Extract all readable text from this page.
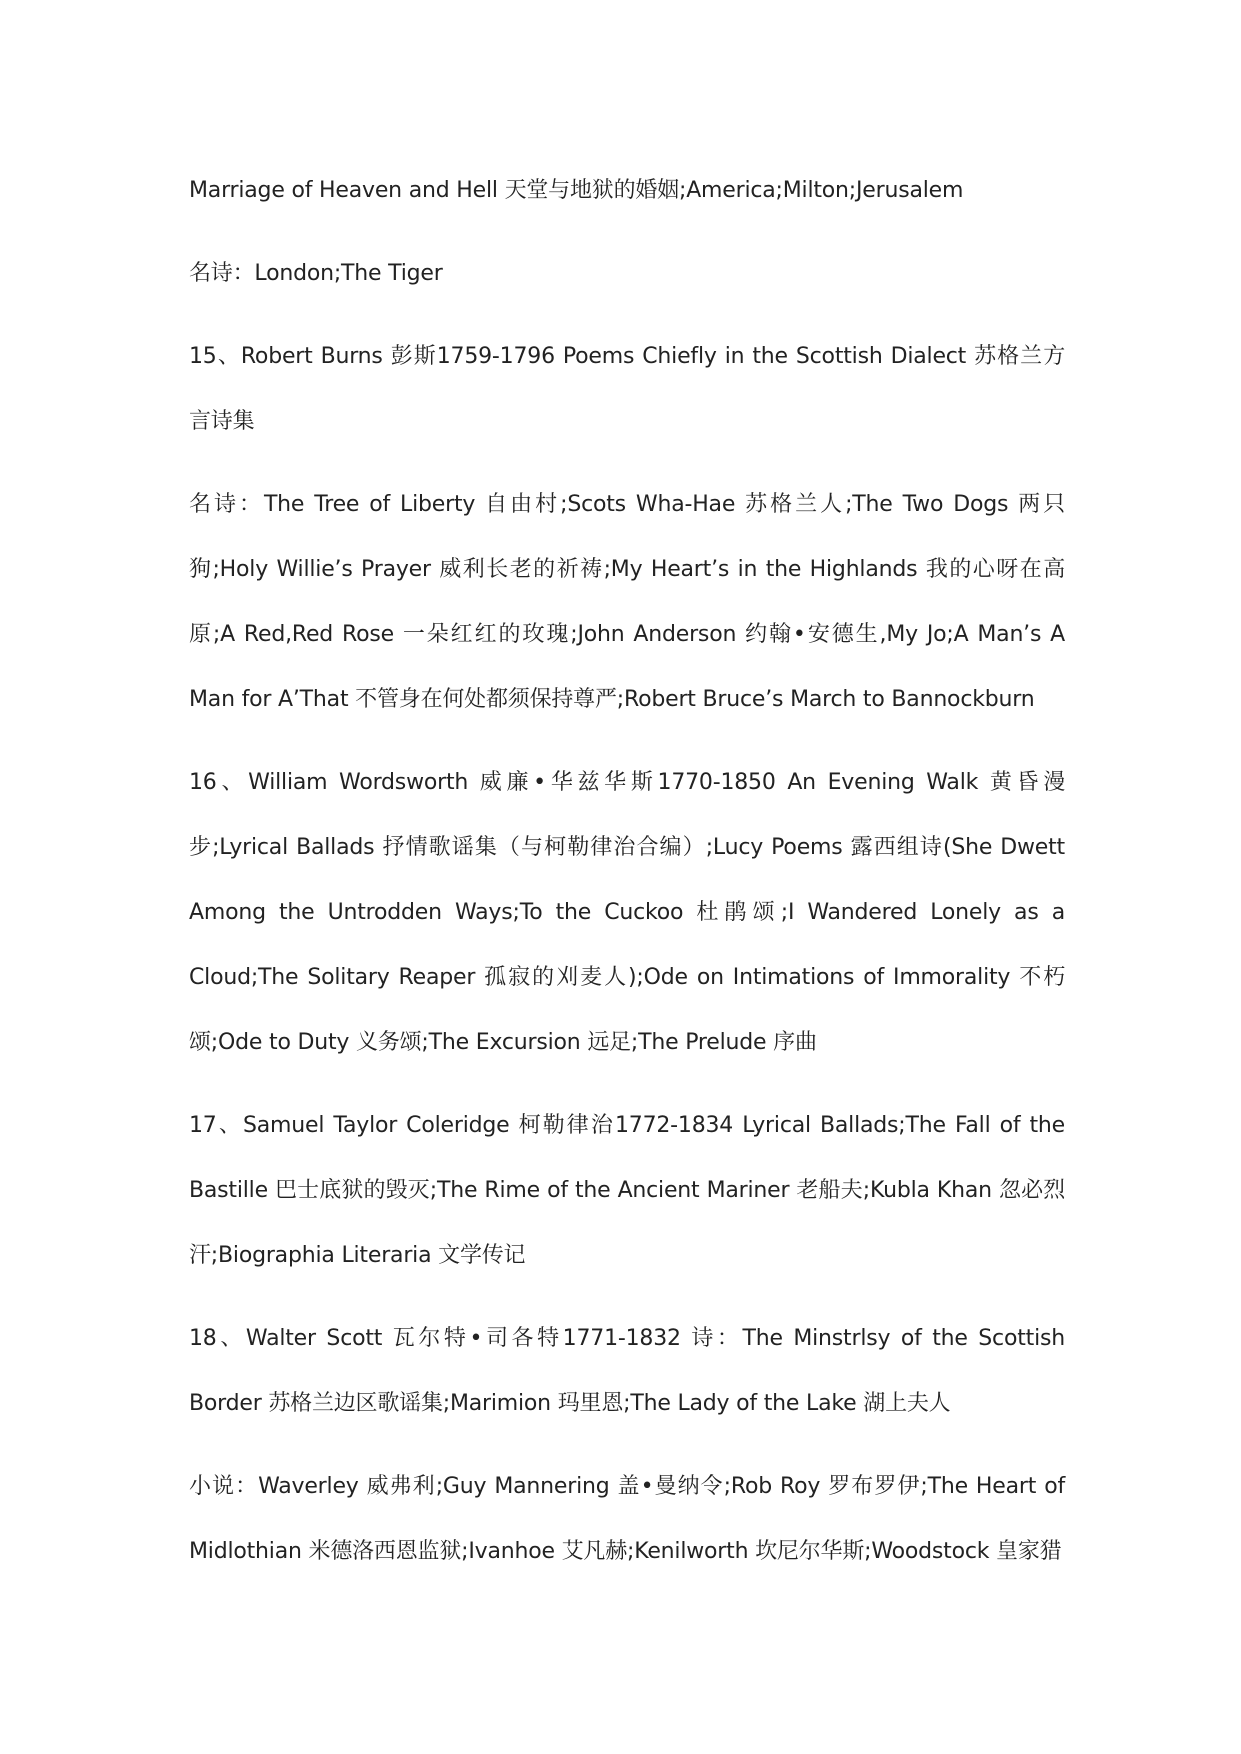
Marriage of Heaven and Hell 天堂与地狱的婚姻;America;Milton;Jerusalem

名诗：London;The Tiger

15、Robert Burns 彭斯1759-1796 Poems Chiefly in the Scottish Dialect 苏格兰方言诗集

名诗：The Tree of Liberty 自由村;Scots Wha-Hae 苏格兰人;The Two Dogs 两只狗;Holy Willie’s Prayer 威利长老的祈祷;My Heart’s in the Highlands 我的心呀在高原;A Red,Red Rose 一朵红红的玫瑰;John Anderson 约翰•安德生,My Jo;A Man’s A Man for A’That 不管身在何处都须保持尊严;Robert Bruce’s March to Bannockburn

16、William Wordsworth 威廉•华兹华斯1770-1850 An Evening Walk 黄昏漫步;Lyrical Ballads 抒情歌谣集（与柯勒律治合编）;Lucy Poems 露西组诗(She Dwett Among the Untrodden Ways;To the Cuckoo 杜鹃颂;I Wandered Lonely as a Cloud;The Solitary Reaper 孤寂的刈麦人);Ode on Intimations of Immorality 不朽颂;Ode to Duty 义务颂;The Excursion 远足;The Prelude 序曲

17、Samuel Taylor Coleridge 柯勒律治1772-1834 Lyrical Ballads;The Fall of the Bastille 巴士底狱的毁灭;The Rime of the Ancient Mariner 老船夫;Kubla Khan 忽必烈汗;Biographia Literaria 文学传记

18、Walter Scott 瓦尔特•司各特1771-1832 诗：The Minstrlsy of the Scottish Border 苏格兰边区歌谣集;Marimion 玛里恩;The Lady of the Lake 湖上夫人

小说：Waverley 威弗利;Guy Mannering 盖•曼纳令;Rob Roy 罗布罗伊;The Heart of Midlothian 米德洛西恩监狱;Ivanhoe 艾凡赫;Kenilworth 坎尼尔华斯;Woodstock 皇家猎
